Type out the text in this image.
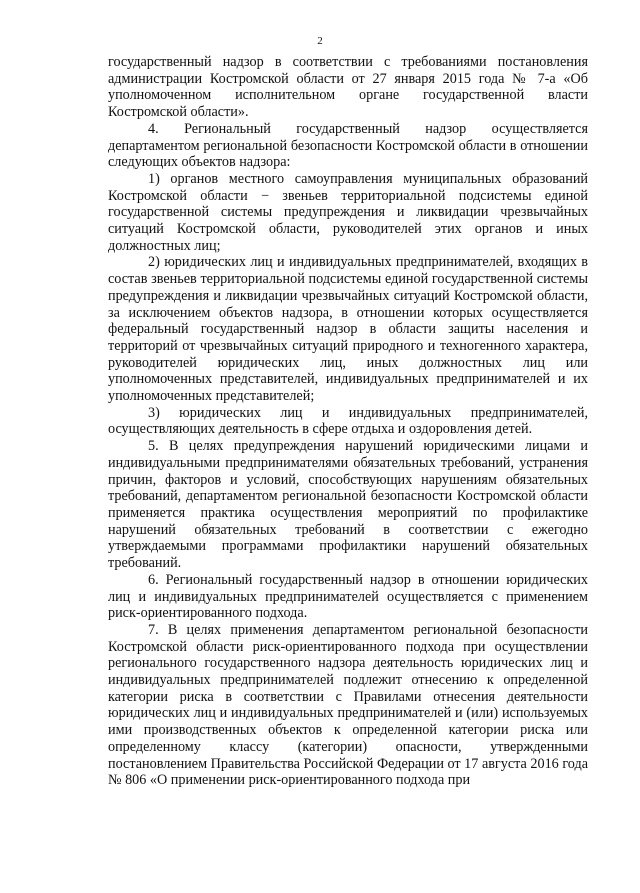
2

государственный надзор в соответствии с требованиями постановления администрации Костромской области от 27 января 2015 года № 7-а «Об уполномоченном исполнительном органе государственной власти Костромской области».

4. Региональный государственный надзор осуществляется департаментом региональной безопасности Костромской области в отношении следующих объектов надзора:

1) органов местного самоуправления муниципальных образований Костромской области − звеньев территориальной подсистемы единой государственной системы предупреждения и ликвидации чрезвычайных ситуаций Костромской области, руководителей этих органов и иных должностных лиц;

2) юридических лиц и индивидуальных предпринимателей, входящих в состав звеньев территориальной подсистемы единой государственной системы предупреждения и ликвидации чрезвычайных ситуаций Костромской области, за исключением объектов надзора, в отношении которых осуществляется федеральный государственный надзор в области защиты населения и территорий от чрезвычайных ситуаций природного и техногенного характера, руководителей юридических лиц, иных должностных лиц или уполномоченных представителей, индивидуальных предпринимателей и их уполномоченных представителей;

3) юридических лиц и индивидуальных предпринимателей, осуществляющих деятельность в сфере отдыха и оздоровления детей.

5. В целях предупреждения нарушений юридическими лицами и индивидуальными предпринимателями обязательных требований, устранения причин, факторов и условий, способствующих нарушениям обязательных требований, департаментом региональной безопасности Костромской области применяется практика осуществления мероприятий по профилактике нарушений обязательных требований в соответствии с ежегодно утверждаемыми программами профилактики нарушений обязательных требований.

6. Региональный государственный надзор в отношении юридических лиц и индивидуальных предпринимателей осуществляется с применением риск-ориентированного подхода.

7. В целях применения департаментом региональной безопасности Костромской области риск-ориентированного подхода при осуществлении регионального государственного надзора деятельность юридических лиц и индивидуальных предпринимателей подлежит отнесению к определенной категории риска в соответствии с Правилами отнесения деятельности юридических лиц и индивидуальных предпринимателей и (или) используемых ими производственных объектов к определенной категории риска или определенному классу (категории) опасности, утвержденными постановлением Правительства Российской Федерации от 17 августа 2016 года № 806 «О применении риск-ориентированного подхода при
